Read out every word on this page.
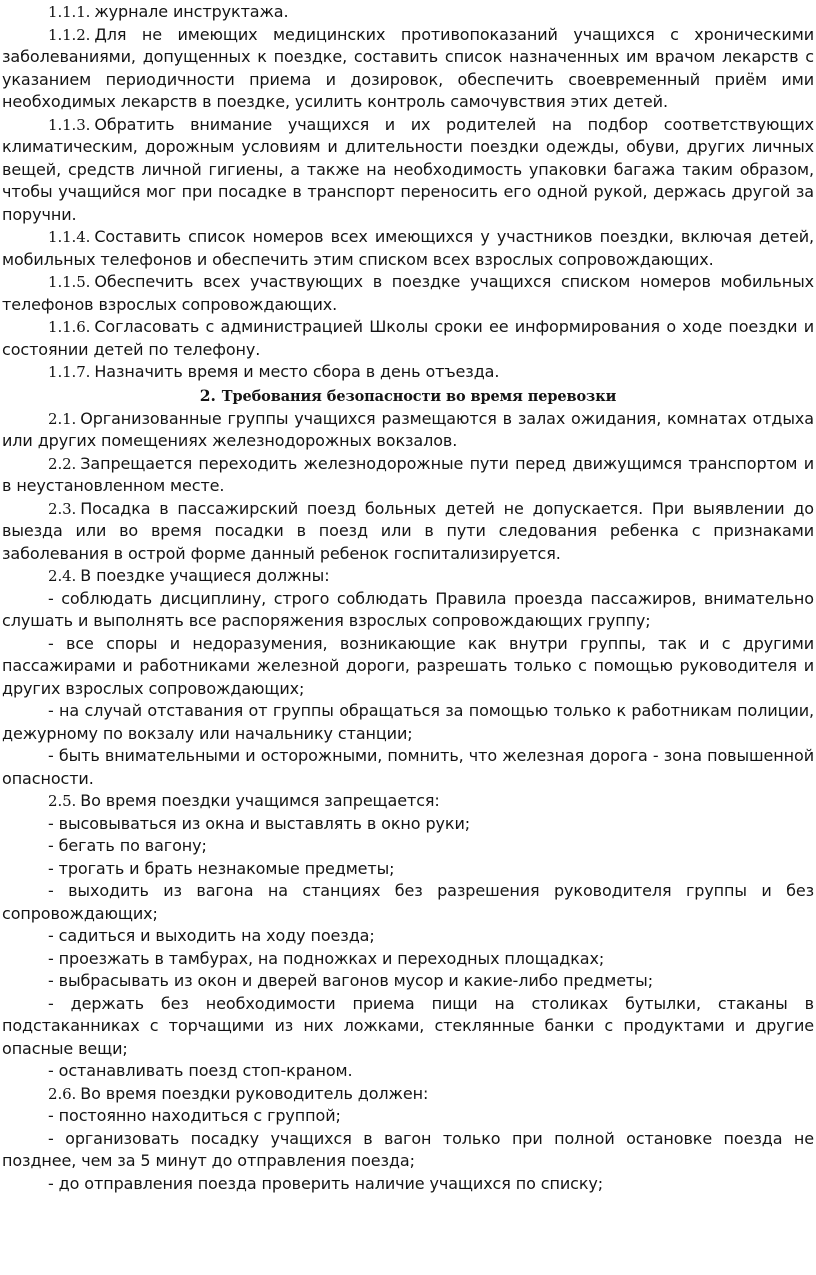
1.1.1. журнале инструктажа.

1.1.2. Для не имеющих медицинских противопоказаний учащихся с хроническими заболеваниями, допущенных к поездке, составить список назначенных им врачом лекарств с указанием периодичности приема и дозировок, обеспечить своевременный приём ими необходимых лекарств в поездке, усилить контроль самочувствия этих детей.

1.1.3. Обратить внимание учащихся и их родителей на подбор соответствующих климатическим, дорожным условиям и длительности поездки одежды, обуви, других личных вещей, средств личной гигиены, а также на необходимость упаковки багажа таким образом, чтобы учащийся мог при посадке в транспорт переносить его одной рукой, держась другой за поручни.

1.1.4. Составить список номеров всех имеющихся у участников поездки, включая детей, мобильных телефонов и обеспечить этим списком всех взрослых сопровождающих.

1.1.5. Обеспечить всех участвующих в поездке учащихся списком номеров мобильных телефонов взрослых сопровождающих.

1.1.6. Согласовать с администрацией Школы сроки ее информирования о ходе поездки и состоянии детей по телефону.

1.1.7. Назначить время и место сбора в день отъезда.

2. Требования безопасности во время перевозки

2.1. Организованные группы учащихся размещаются в залах ожидания, комнатах отдыха или других помещениях железнодорожных вокзалов.

2.2. Запрещается переходить железнодорожные пути перед движущимся транспортом и в неустановленном месте.

2.3. Посадка в пассажирский поезд больных детей не допускается. При выявлении до выезда или во время посадки в поезд или в пути следования ребенка с признаками заболевания в острой форме данный ребенок госпитализируется.

2.4. В поездке учащиеся должны:

- соблюдать дисциплину, строго соблюдать Правила проезда пассажиров, внимательно слушать и выполнять все распоряжения взрослых сопровождающих группу;

- все споры и недоразумения, возникающие как внутри группы, так и с другими пассажирами и работниками железной дороги, разрешать только с помощью руководителя и других взрослых сопровождающих;

- на случай отставания от группы обращаться за помощью только к работникам полиции, дежурному по вокзалу или начальнику станции;

- быть внимательными и осторожными, помнить, что железная дорога - зона повышенной опасности.

2.5. Во время поездки учащимся запрещается:

- высовываться из окна и выставлять в окно руки;

- бегать по вагону;

- трогать и брать незнакомые предметы;

- выходить из вагона на станциях без разрешения руководителя группы и без сопровождающих;

- садиться и выходить на ходу поезда;

- проезжать в тамбурах, на подножках и переходных площадках;

- выбрасывать из окон и дверей вагонов мусор и какие-либо предметы;

- держать без необходимости приема пищи на столиках бутылки, стаканы в подстаканниках с торчащими из них ложками, стеклянные банки с продуктами и другие опасные вещи;

- останавливать поезд стоп-краном.

2.6. Во время поездки руководитель должен:

- постоянно находиться с группой;

- организовать посадку учащихся в вагон только при полной остановке поезда не позднее, чем за 5 минут до отправления поезда;

- до отправления поезда проверить наличие учащихся по списку;
